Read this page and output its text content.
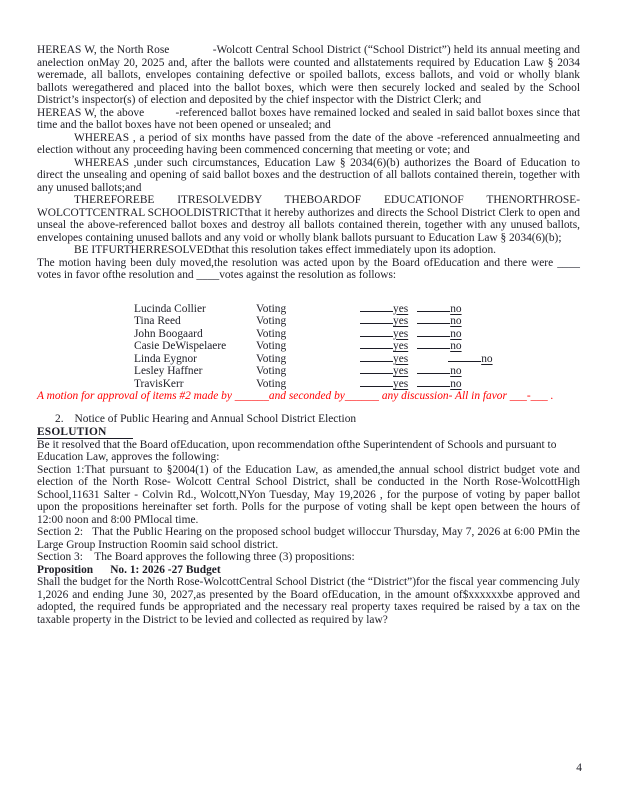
HEREAS W, the North Rose              -Wolcott Central School District (“School District”) held its annual meeting and anelection onMay 20, 2025 and, after the ballots were counted and allstatements required by Education Law § 2034 weremade, all ballots, envelopes containing defective or spoiled ballots, excess ballots, and void or wholly blank ballots weregathered and placed into the ballot boxes, which were then securely locked and sealed by the School District’s inspector(s) of election and deposited by the chief inspector with the District Clerk; and

HEREAS W, the above          -referenced ballot boxes have remained locked and sealed in said ballot boxes since that time and the ballot boxes have not been opened or unsealed; and

WHEREAS , a period of six months have passed from the date of the above -referenced annualmeeting and election without any proceeding having been commenced concerning that meeting or vote; and

WHEREAS ,under such circumstances, Education Law § 2034(6)(b) authorizes the Board of Education to direct the unsealing and opening of said ballot boxes and the destruction of all ballots contained therein, together with any unused ballots;and

THEREFOREBE ITRESOLVEDBY THEBOARDOF EDUCATIONOF THENORTHROSE-WOLCOTTCENTRAL SCHOOLDISTRICTthat it hereby authorizes and directs the School District Clerk to open and unseal the above-referenced ballot boxes and destroy all ballots contained therein, together with any unused ballots, envelopes containing unused ballots and any void or wholly blank ballots pursuant to Education Law § 2034(6)(b);

BE ITFURTHERRESOLVEDthat this resolution takes effect immediately upon its adoption.

The motion having been duly moved,the resolution was acted upon by the Board ofEducation and there were ____ votes in favor ofthe resolution and ____votes against the resolution as follows:

Lucinda Collier	Voting	yes	no
Tina Reed	Voting	yes	no
John Boogaard	Voting	yes	no
Casie DeWispelaere	Voting	yes	no
Linda Eygnor	Voting	yes	no
Lesley Haffner	Voting	yes	no
TravisKerr	Voting	yes	no

A motion for approval of items #2 made by ______and seconded by______ any discussion- All in favor ___-___ .

2. Notice of Public Hearing and Annual School District Election
ESOLUTION

Be it resolved that the Board ofEducation, upon recommendation ofthe Superintendent of Schools and pursuant to Education Law, approves the following:

Section 1:That pursuant to §2004(1) of the Education Law, as amended,the annual school district budget vote and election of the North Rose- Wolcott Central School District, shall be conducted in the North Rose-WolcottHigh School,11631 Salter - Colvin Rd., Wolcott,NYon Tuesday, May 19,2026 , for the purpose of voting by paper ballot upon the propositions hereinafter set forth. Polls for the purpose of voting shall be kept open between the hours of 12:00 noon and 8:00 PMlocal time.

Section 2:   That the Public Hearing on the proposed school budget willoccur Thursday, May 7, 2026 at 6:00 PMin the Large Group Instruction Roomin said school district.

Section 3:    The Board approves the following three (3) propositions:

Proposition      No. 1: 2026 -27 Budget

Shall the budget for the North Rose-WolcottCentral School District (the “District”)for the fiscal year commencing July 1,2026 and ending June 30, 2027,as presented by the Board ofEducation, in the amount of$xxxxxxbe approved and adopted, the required funds be appropriated and the necessary real property taxes required be raised by a tax on the taxable property in the District to be levied and collected as required by law?

4
